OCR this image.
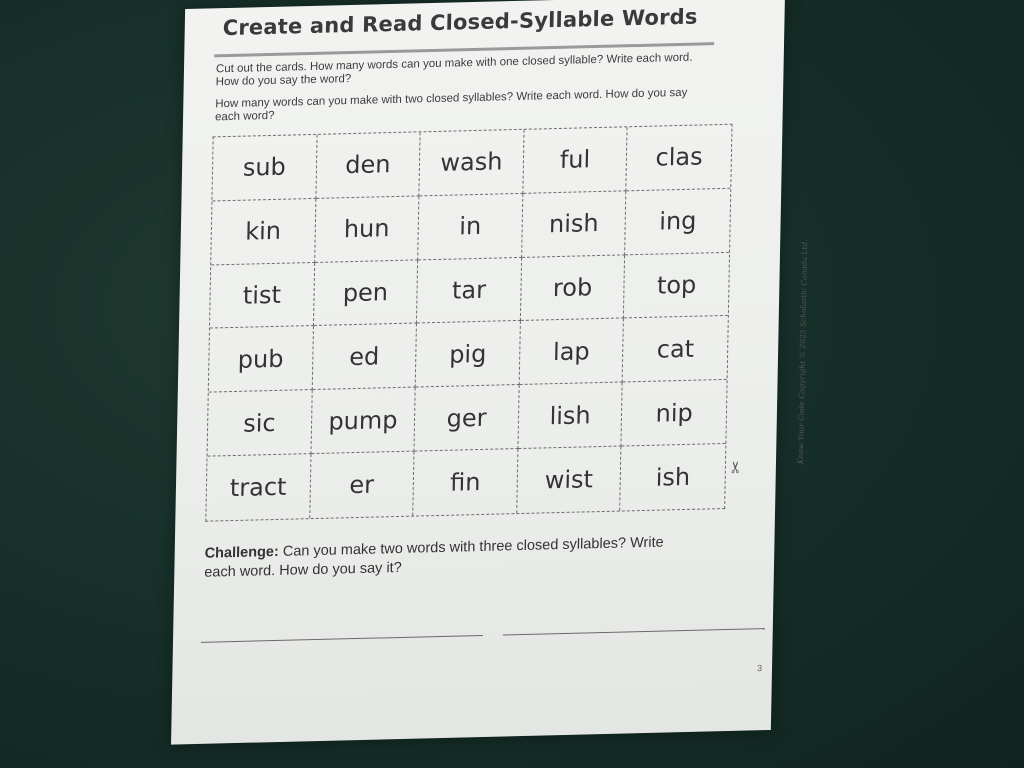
Create and Read Closed-Syllable Words
Cut out the cards. How many words can you make with one closed syllable? Write each word. How do you say the word?
How many words can you make with two closed syllables? Write each word. How do you say each word?
sub	den	wash	ful	clas
kin	hun	in	nish	ing
tist	pen	tar	rob	top
pub	ed	pig	lap	cat
sic	pump	ger	lish	nip
tract	er	fin	wist	ish	✂
Challenge: Can you make two words with three closed syllables? Write each word. How do you say it?
Know Your Code Copyright © 2025 Scholastic Canada Ltd.
3
